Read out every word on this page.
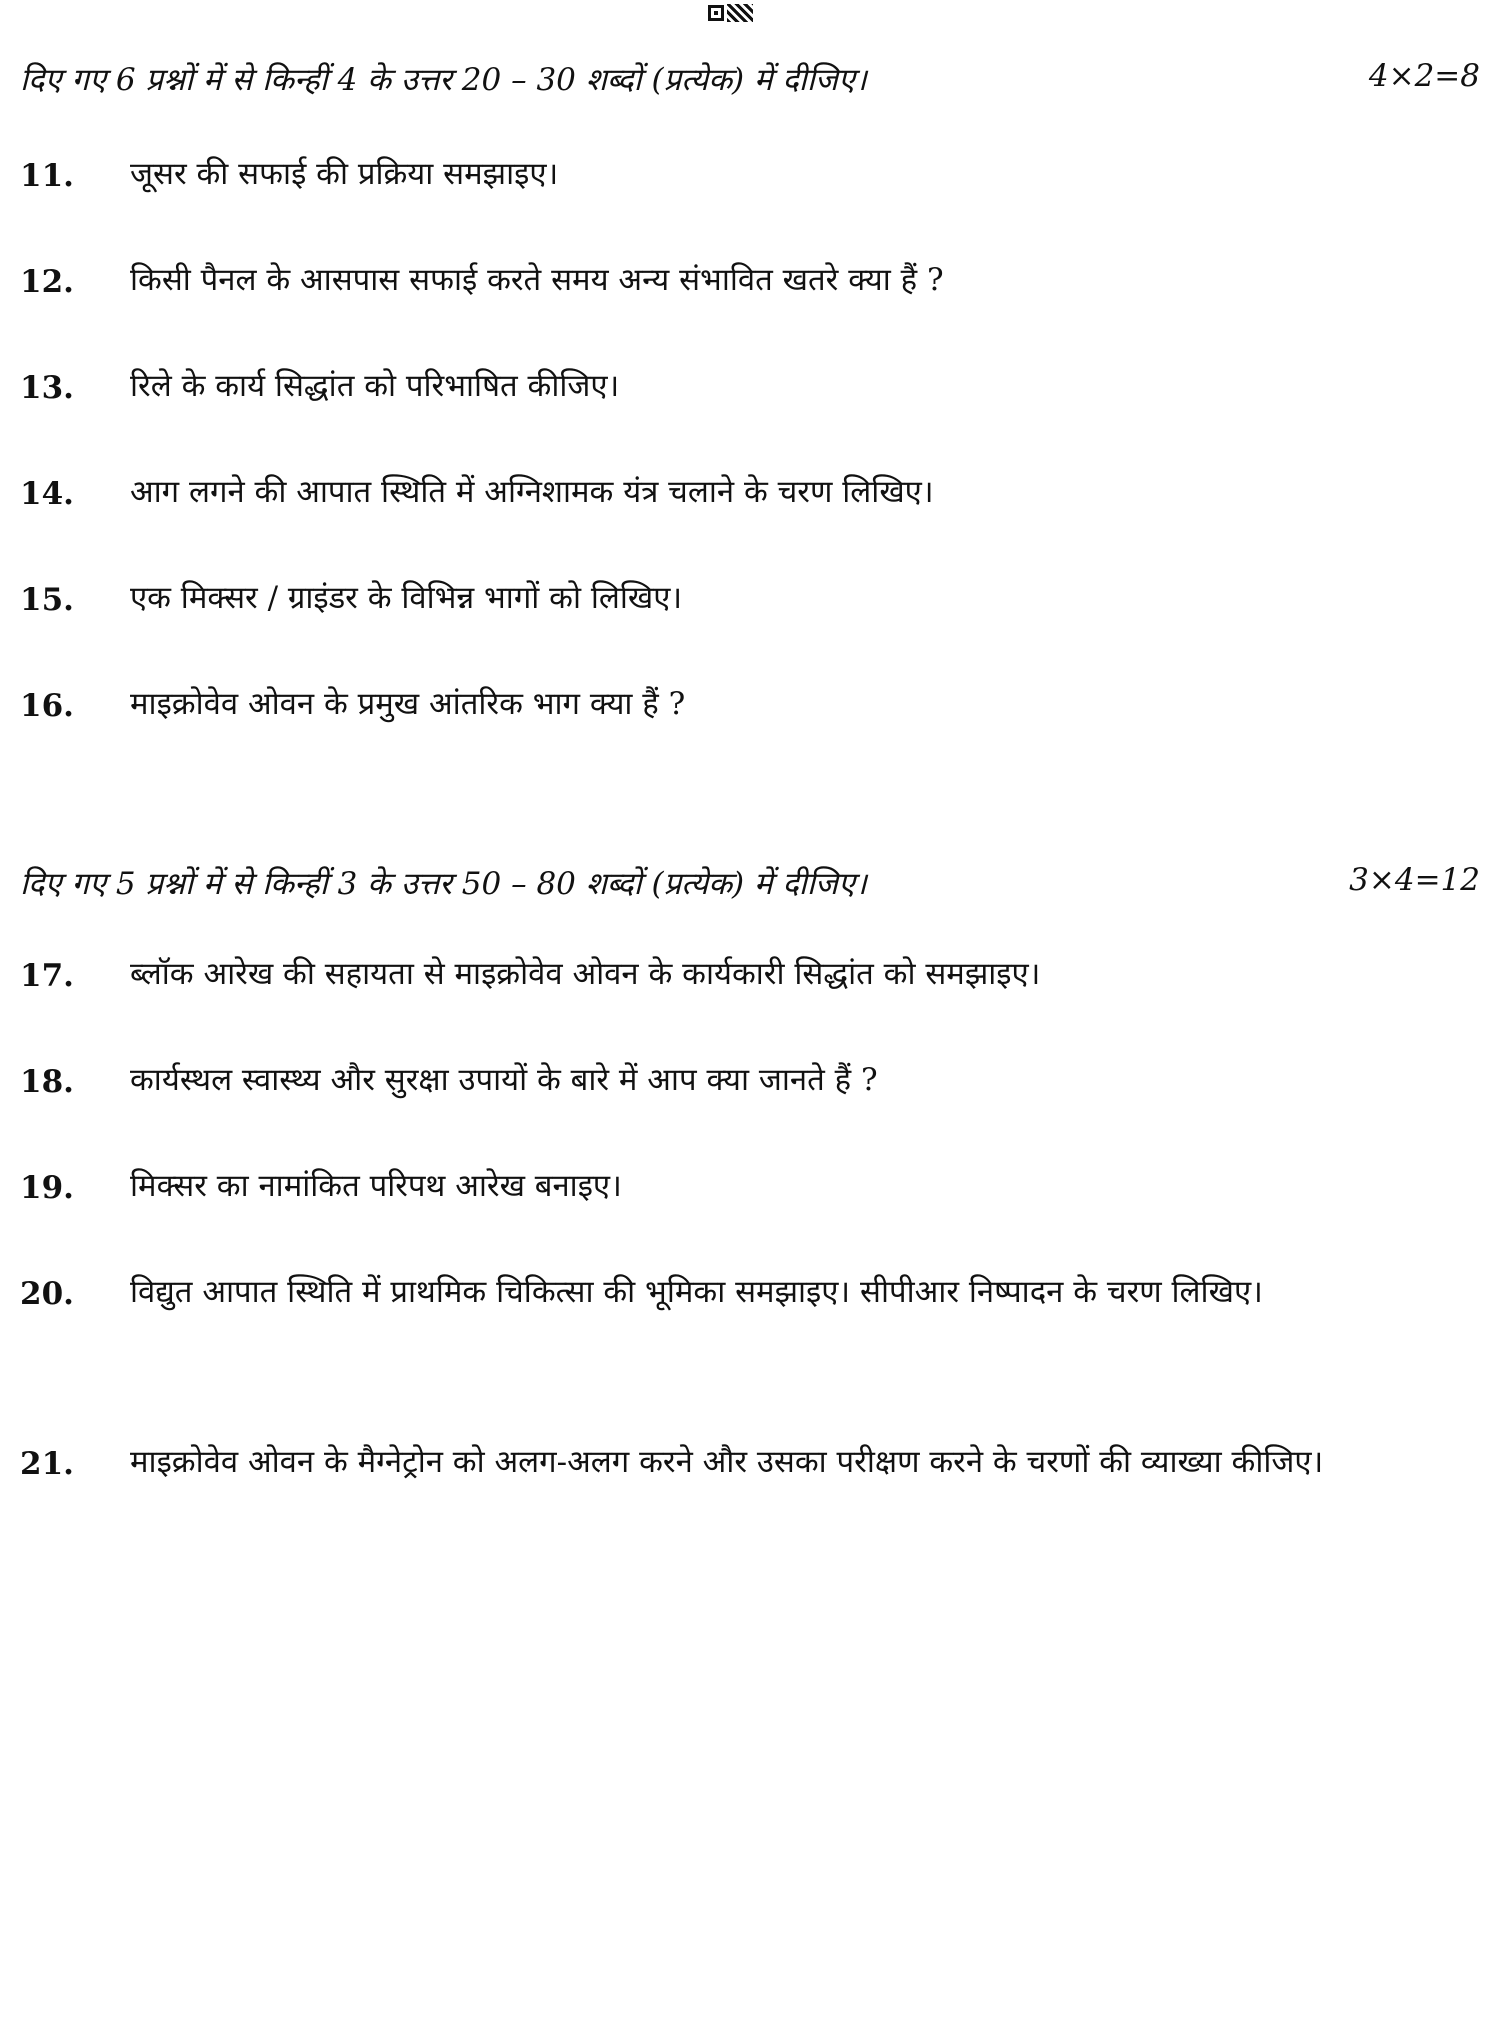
दिए गए 6 प्रश्नों में से किन्हीं 4 के उत्तर 20 – 30 शब्दों (प्रत्येक) में दीजिए।	4×2=8
11.	जूसर की सफाई की प्रक्रिया समझाइए।
12.	किसी पैनल के आसपास सफाई करते समय अन्य संभावित खतरे क्या हैं ?
13.	रिले के कार्य सिद्धांत को परिभाषित कीजिए।
14.	आग लगने की आपात स्थिति में अग्निशामक यंत्र चलाने के चरण लिखिए।
15.	एक मिक्सर / ग्राइंडर के विभिन्न भागों को लिखिए।
16.	माइक्रोवेव ओवन के प्रमुख आंतरिक भाग क्या हैं ?
दिए गए 5 प्रश्नों में से किन्हीं 3 के उत्तर 50 – 80 शब्दों (प्रत्येक) में दीजिए।	3×4=12
17.	ब्लॉक आरेख की सहायता से माइक्रोवेव ओवन के कार्यकारी सिद्धांत को समझाइए।
18.	कार्यस्थल स्वास्थ्य और सुरक्षा उपायों के बारे में आप क्या जानते हैं ?
19.	मिक्सर का नामांकित परिपथ आरेख बनाइए।
20.	विद्युत आपात स्थिति में प्राथमिक चिकित्सा की भूमिका समझाइए। सीपीआर निष्पादन के चरण लिखिए।
21.	माइक्रोवेव ओवन के मैग्नेट्रोन को अलग-अलग करने और उसका परीक्षण करने के चरणों की व्याख्या कीजिए।
